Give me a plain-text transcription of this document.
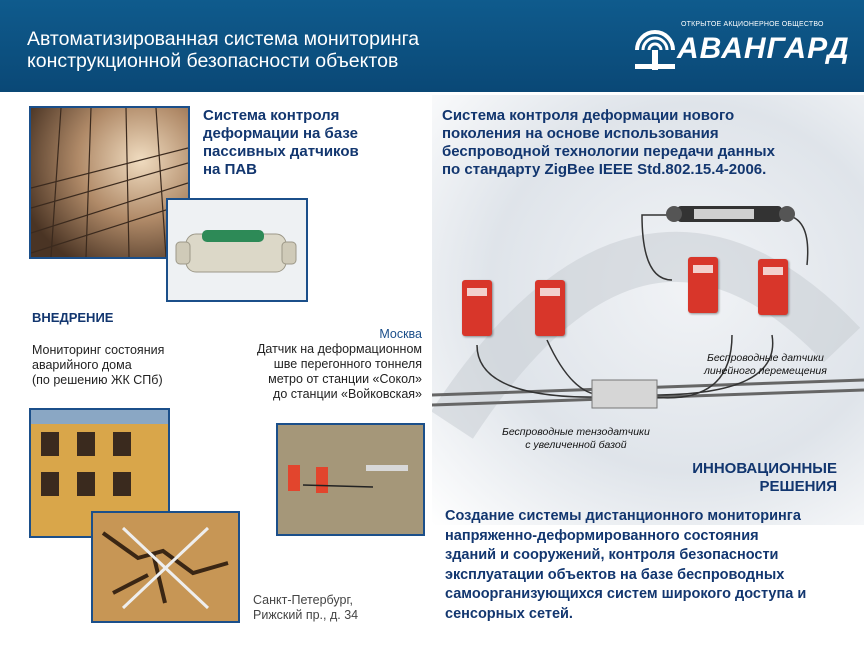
Автоматизированная система мониторинга
конструкционной безопасности объектов
ОТКРЫТОЕ АКЦИОНЕРНОЕ ОБЩЕСТВО
АВАНГАРД
Система контроля
деформации на базе
пассивных датчиков
на ПАВ
ВНЕДРЕНИЕ
Мониторинг состояния
аварийного дома
(по решению ЖК СПб)
Москва
Датчик на деформационном
шве перегонного тоннеля
метро от станции «Сокол»
до станции «Войковская»
Санкт-Петербург,
Рижский пр., д. 34
Беспроводные датчики
линейного перемещения
Беспроводные тензодатчики
с увеличенной базой
Система контроля деформации нового
поколения на основе использования
беспроводной технологии передачи данных
по стандарту ZigBee IEEE Std.802.15.4-2006.
ИННОВАЦИОННЫЕ
РЕШЕНИЯ
Создание системы дистанционного мониторинга
напряженно-деформированного состояния
зданий и сооружений, контроля безопасности
эксплуатации объектов на базе беспроводных
самоорганизующихся систем широкого доступа и
сенсорных сетей.
